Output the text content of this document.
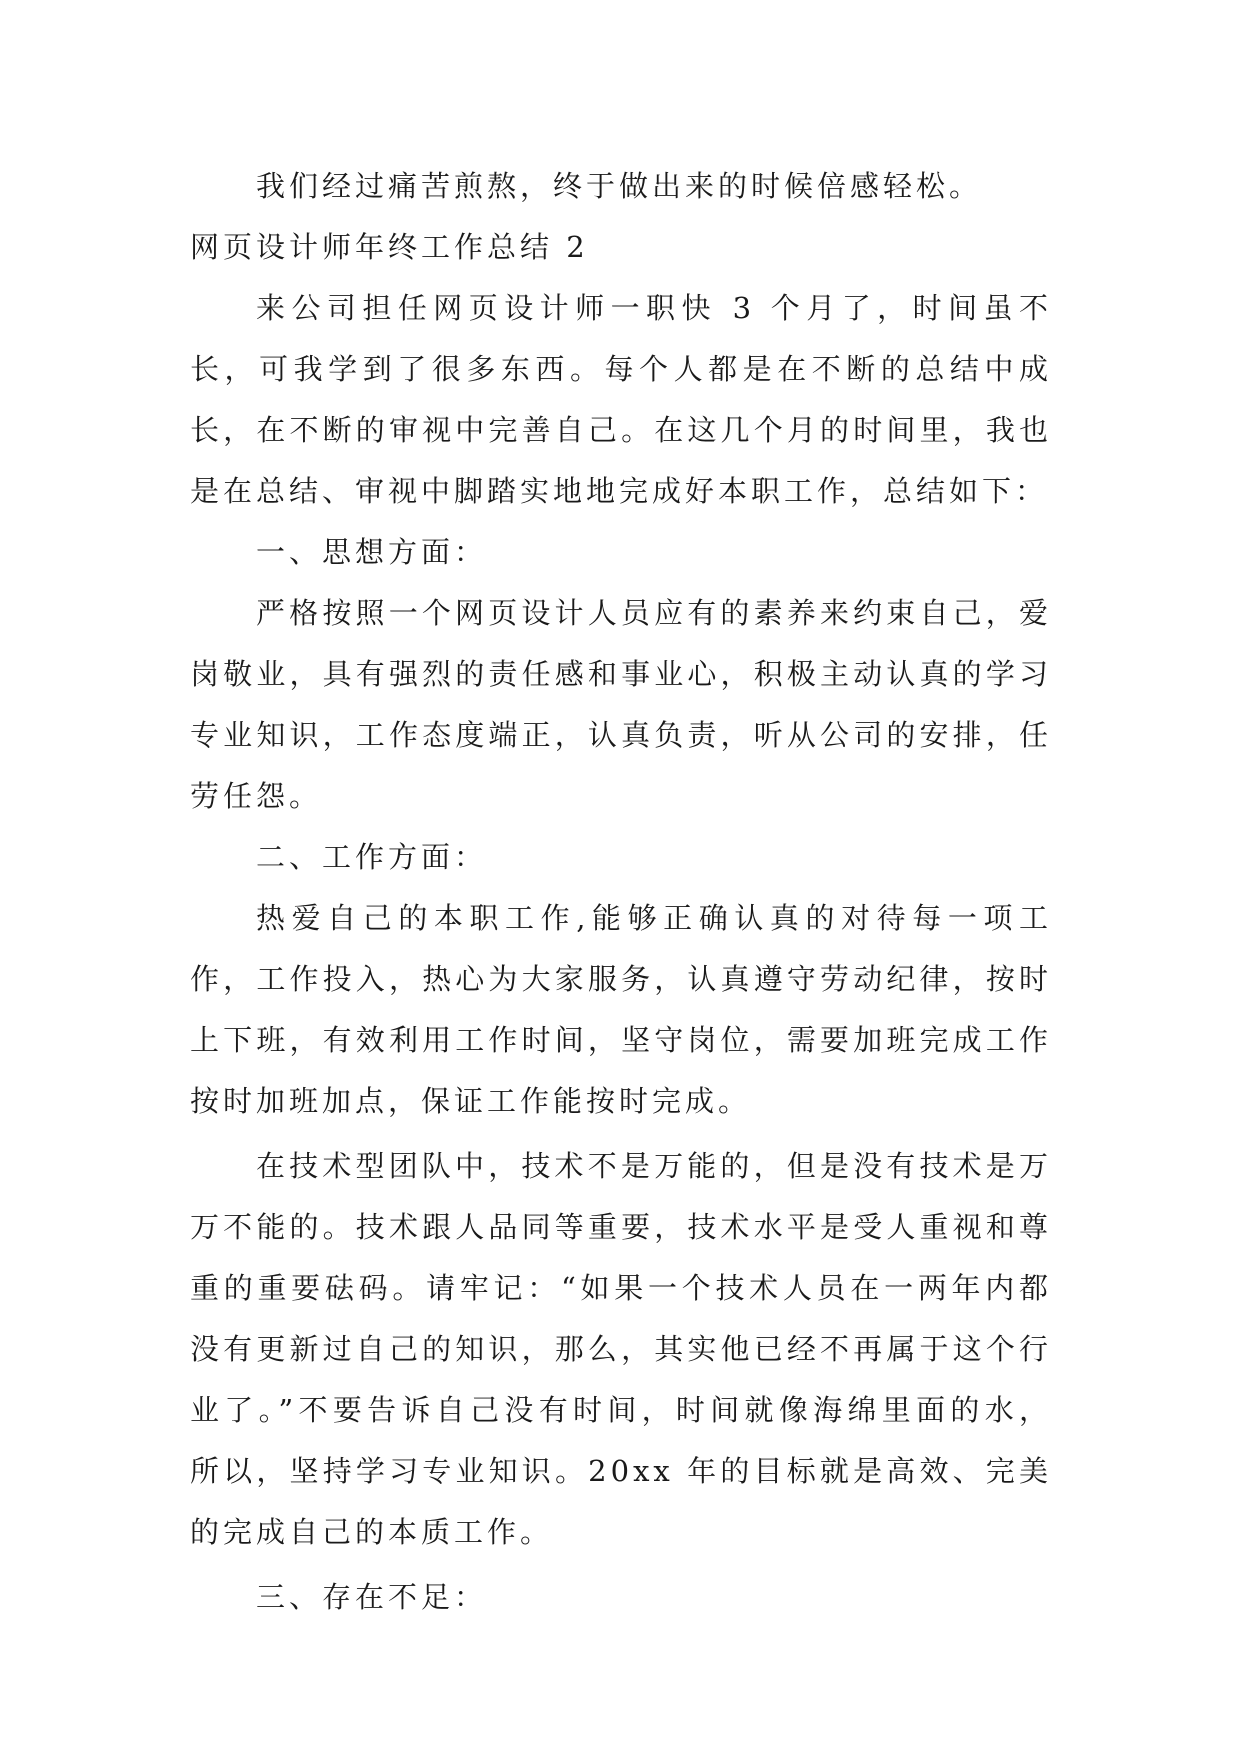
我们经过痛苦煎熬，终于做出来的时候倍感轻松。

网页设计师年终工作总结 2

来公司担任网页设计师一职快 3 个月了，时间虽不长，可我学到了很多东西。每个人都是在不断的总结中成长，在不断的审视中完善自己。在这几个月的时间里，我也是在总结、审视中脚踏实地地完成好本职工作，总结如下：

一、思想方面：

严格按照一个网页设计人员应有的素养来约束自己，爱岗敬业，具有强烈的责任感和事业心，积极主动认真的学习专业知识，工作态度端正，认真负责，听从公司的安排，任劳任怨。

二、工作方面：

热爱自己的本职工作,能够正确认真的对待每一项工作，工作投入，热心为大家服务，认真遵守劳动纪律，按时上下班，有效利用工作时间，坚守岗位，需要加班完成工作按时加班加点，保证工作能按时完成。

在技术型团队中，技术不是万能的，但是没有技术是万万不能的。技术跟人品同等重要，技术水平是受人重视和尊重的重要砝码。请牢记：“如果一个技术人员在一两年内都没有更新过自己的知识，那么，其实他已经不再属于这个行业了。”不要告诉自己没有时间，时间就像海绵里面的水，所以，坚持学习专业知识。20xx 年的目标就是高效、完美的完成自己的本质工作。

三、存在不足：
